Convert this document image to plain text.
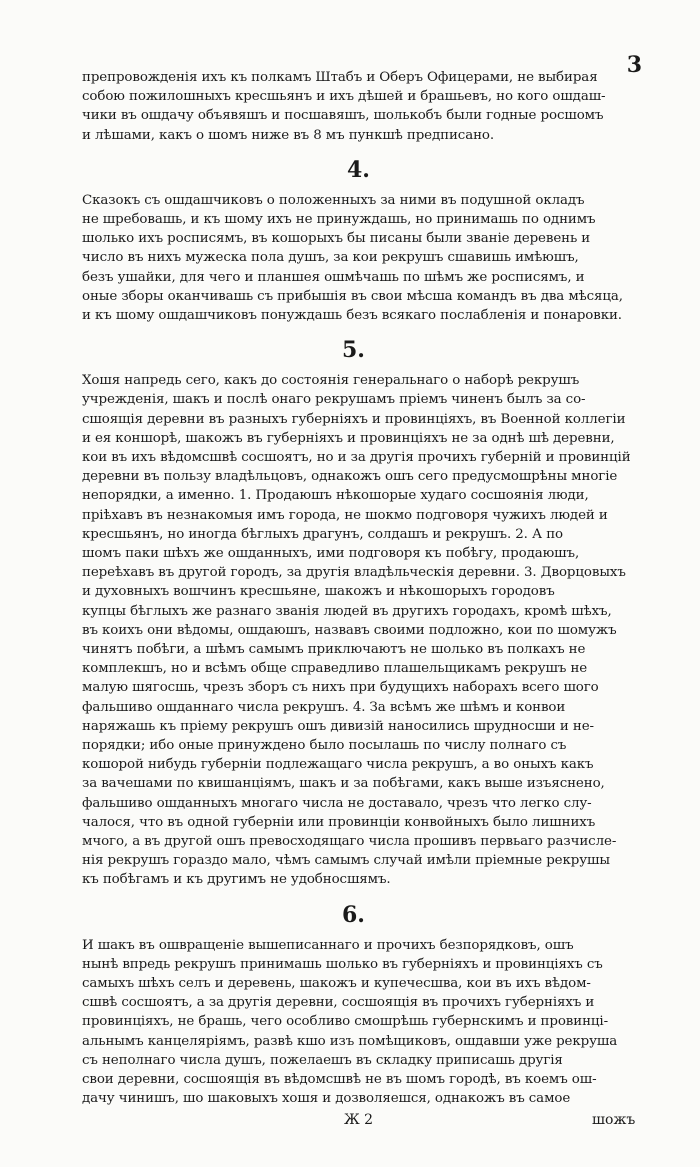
3
препровожденія ихъ къ полкамъ Штабъ и Оберъ Офицерами, не выбирая
собою пожилошныхъ кресшьянъ и ихъ дѣшей и брашьевъ, но кого ошдаш-
чики въ ошдачу объявяшъ и посшавяшъ, шолькобъ были годные росшомъ
и лѣшами, какъ о шомъ ниже въ 8 мъ пункшѣ предписано.
4.
Сказокъ съ ошдашчиковъ о положенныхъ за ними въ подушной окладъ
не шребовашь, и къ шому ихъ не принуждашь, но принимашь по однимъ
шолько ихъ росписямъ, въ кошорыхъ бы писаны были званіе деревень и
число въ нихъ мужеска пола душъ, за кои рекрушъ сшавишь имѣюшъ,
безъ ушайки, для чего и планшея ошмѣчашь по шѣмъ же росписямъ, и
оные зборы оканчивашь съ прибышія въ свои мѣсша командъ въ два мѣсяца,
и къ шому ошдашчиковъ понуждашь безъ всякаго послабленія и понаровки.
5.
Хошя напредь сего, какъ до состоянія генеральнаго о наборѣ рекрушъ
учрежденія, шакъ и послѣ онаго рекрушамъ пріемъ чиненъ былъ за со-
сшоящія деревни въ разныхъ губерніяхъ и провинціяхъ, въ Военной коллегіи
и ея коншорѣ, шакожъ въ губерніяхъ и провинціяхъ не за однѣ шѣ деревни,
кои въ ихъ вѣдомсшвѣ сосшоятъ, но и за другія прочихъ губерній и провинцій
деревни въ пользу владѣльцовъ, однакожъ ошъ сего предусмошрѣны многіе
непорядки, а именно. 1. Продаюшъ нѣкошорые худаго сосшоянія люди,
пріѣхавъ въ незнакомыя имъ города, не шокмо подговоря чужихъ людей и
кресшьянъ, но иногда бѣглыхъ драгунъ, солдашъ и рекрушъ. 2. А по
шомъ паки шѣхъ же ошданныхъ, ими подговоря къ побѣгу, продаюшъ,
переѣхавъ въ другой городъ, за другія владѣльческія деревни. 3. Дворцовыхъ
и духовныхъ вошчинъ кресшьяне, шакожъ и нѣкошорыхъ городовъ
купцы бѣглыхъ же разнаго званія людей въ другихъ городахъ, кромѣ шѣхъ,
въ коихъ они вѣдомы, ошдаюшъ, назвавъ своими подложно, кои по шомужъ
чинятъ побѣги, а шѣмъ самымъ приключаютъ не шолько въ полкахъ не
комплекшъ, но и всѣмъ обще справедливо плашельщикамъ рекрушъ не
малую шягосшь, чрезъ зборъ съ нихъ при будущихъ наборахъ всего шого
фальшиво ошданнаго числа рекрушъ. 4. За всѣмъ же шѣмъ и конвои
наряжашь къ пріему рекрушъ ошъ дивизій наносились шрудносши и не-
порядки; ибо оные принуждено было посылашь по числу полнаго съ
кошорой нибудь губерніи подлежащаго числа рекрушъ, а во оныхъ какъ
за вачешами по квишанціямъ, шакъ и за побѣгами, какъ выше изъяснено,
фальшиво ошданныхъ многаго числа не доставало, чрезъ что легко слу-
чалося, что въ одной губерніи или провинціи конвойныхъ было лишнихъ
мчого, а въ другой ошъ превосходящаго числа прошивъ первьаго разчисле-
нія рекрушъ гораздо мало, чѣмъ самымъ случай имѣли пріемные рекрушы
къ побѣгамъ и къ другимъ не удобносшямъ.
6.
И шакъ въ ошвращеніе вышеписаннаго и прочихъ безпорядковъ, ошъ
нынѣ впредь рекрушъ принимашь шолько въ губерніяхъ и провинціяхъ съ
самыхъ шѣхъ селъ и деревень, шакожъ и купечесшва, кои въ ихъ вѣдом-
сшвѣ сосшоятъ, а за другія деревни, сосшоящія въ прочихъ губерніяхъ и
провинціяхъ, не брашь, чего особливо смошрѣшь губернскимъ и провинці-
альнымъ канцеляріямъ, развѣ кшо изъ помѣщиковъ, ошдавши уже рекруша
съ неполнаго числа душъ, пожелаешъ въ складку приписашь другія
свои деревни, сосшоящія въ вѣдомсшвѣ не въ шомъ городѣ, въ коемъ ош-
дачу чинишъ, шо шаковыхъ хошя и дозволяешся, однакожъ въ самое
Ж 2	шожъ
